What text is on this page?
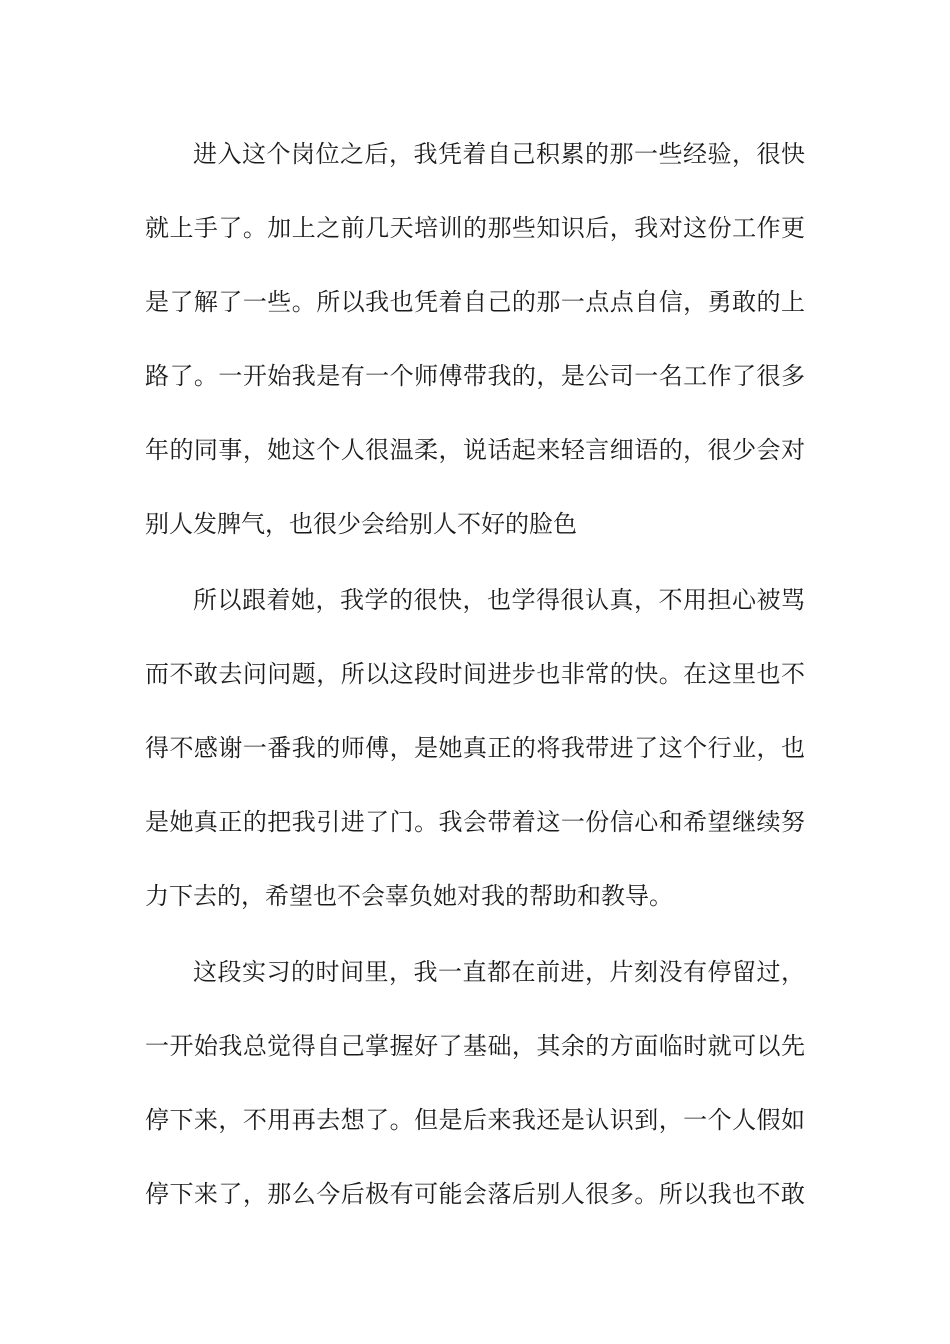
进入这个岗位之后，我凭着自己积累的那一些经验，很快
就上手了。加上之前几天培训的那些知识后，我对这份工作更
是了解了一些。所以我也凭着自己的那一点点自信，勇敢的上
路了。一开始我是有一个师傅带我的，是公司一名工作了很多
年的同事，她这个人很温柔，说话起来轻言细语的，很少会对
别人发脾气，也很少会给别人不好的脸色
所以跟着她，我学的很快，也学得很认真，不用担心被骂
而不敢去问问题，所以这段时间进步也非常的快。在这里也不
得不感谢一番我的师傅，是她真正的将我带进了这个行业，也
是她真正的把我引进了门。我会带着这一份信心和希望继续努
力下去的，希望也不会辜负她对我的帮助和教导。
这段实习的时间里，我一直都在前进，片刻没有停留过，
一开始我总觉得自己掌握好了基础，其余的方面临时就可以先
停下来，不用再去想了。但是后来我还是认识到，一个人假如
停下来了，那么今后极有可能会落后别人很多。所以我也不敢
